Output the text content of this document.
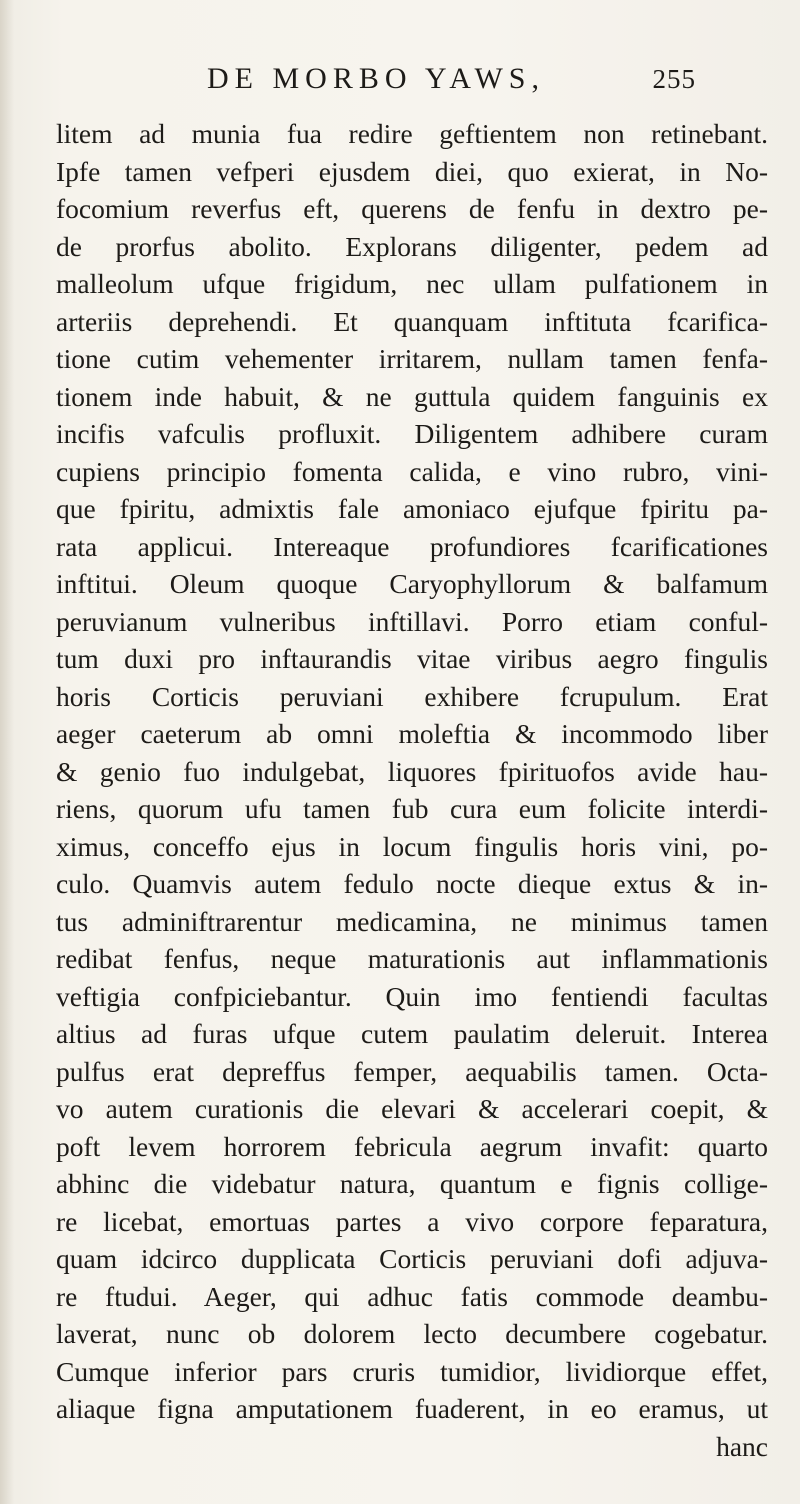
DE MORBO YAWS,	255
litem ad munia fua redire geftientem non retinebant.
Ipfe tamen vefperi ejusdem diei, quo exierat, in No-
focomium reverfus eft, querens de fenfu in dextro pe-
de prorfus abolito. Explorans diligenter, pedem ad
malleolum ufque frigidum, nec ullam pulfationem in
arteriis deprehendi. Et quanquam inftituta fcarifica-
tione cutim vehementer irritarem, nullam tamen fenfa-
tionem inde habuit, & ne guttula quidem fanguinis ex
incifis vafculis profluxit. Diligentem adhibere curam
cupiens principio fomenta calida, e vino rubro, vini-
que fpiritu, admixtis fale amoniaco ejufque fpiritu pa-
rata applicui. Intereaque profundiores fcarificationes
inftitui. Oleum quoque Caryophyllorum & balfamum
peruvianum vulneribus inftillavi. Porro etiam conful-
tum duxi pro inftaurandis vitae viribus aegro fingulis
horis Corticis peruviani exhibere fcrupulum. Erat
aeger caeterum ab omni moleftia & incommodo liber
& genio fuo indulgebat, liquores fpirituofos avide hau-
riens, quorum ufu tamen fub cura eum folicite interdi-
ximus, conceffo ejus in locum fingulis horis vini, po-
culo. Quamvis autem fedulo nocte dieque extus & in-
tus adminiftrarentur medicamina, ne minimus tamen
redibat fenfus, neque maturationis aut inflammationis
veftigia confpiciebantur. Quin imo fentiendi facultas
altius ad furas ufque cutem paulatim deleruit. Interea
pulfus erat depreffus femper, aequabilis tamen. Octa-
vo autem curationis die elevari & accelerari coepit, &
poft levem horrorem febricula aegrum invafit: quarto
abhinc die videbatur natura, quantum e fignis collige-
re licebat, emortuas partes a vivo corpore feparatura,
quam idcirco dupplicata Corticis peruviani dofi adjuva-
re ftudui. Aeger, qui adhuc fatis commode deambu-
laverat, nunc ob dolorem lecto decumbere cogebatur.
Cumque inferior pars cruris tumidior, lividiorque effet,
aliaque figna amputationem fuaderent, in eo eramus, ut
hanc
